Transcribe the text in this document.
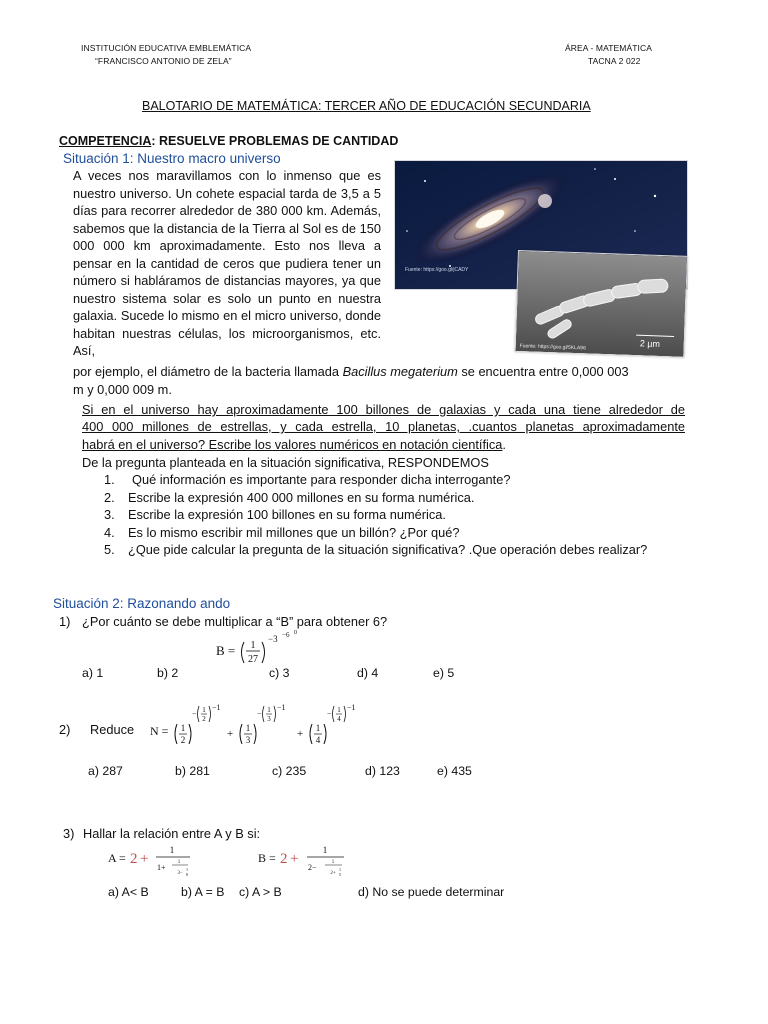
INSTITUCIÓN EDUCATIVA EMBLEMÁTICA
“FRANCISCO ANTONIO DE ZELA”
ÁREA - MATEMÁTICA
TACNA 2 022
BALOTARIO DE MATEMÁTICA: TERCER AÑO DE EDUCACIÓN SECUNDARIA
COMPETENCIA: RESUELVE PROBLEMAS DE CANTIDAD
Situación 1: Nuestro macro universo
A veces nos maravillamos con lo inmenso que es nuestro universo. Un cohete espacial tarda de 3,5 a 5 días para recorrer alrededor de 380 000 km. Además, sabemos que la distancia de la Tierra al Sol es de 150 000 000 km aproximadamente. Esto nos lleva a pensar en la cantidad de ceros que pudiera tener un número si habláramos de distancias mayores, ya que nuestro sistema solar es solo un punto en nuestra galaxia. Sucede lo mismo en el micro universo, donde habitan nuestras células, los microorganismos, etc. Así,
Fuente: https://goo.gl/jCADY
2 µm
Fuente: https://goo.gl/5KLA96
por ejemplo, el diámetro de la bacteria llamada Bacillus megaterium se encuentra entre 0,000 003
m y 0,000 009 m.
Si en el universo hay aproximadamente 100 billones de galaxias y cada una tiene alrededor de
400 000 millones de estrellas, y cada estrella, 10 planetas, .cuantos planetas aproximadamente
habrá en el universo? Escribe los valores numéricos en notación científica.
De la pregunta planteada en la situación significativa, RESPONDEMOS
1. Qué información es importante para responder dicha interrogante?
2. Escribe la expresión 400 000 millones en su forma numérica.
3. Escribe la expresión 100 billones en su forma numérica.
4. Es lo mismo escribir mil millones que un billón? ¿Por qué?
5. ¿Que pide calcular la pregunta de la situación significativa? .Que operación debes realizar?
Situación 2: Razonando ando
1) ¿Por cuánto se debe multiplicar a “B” para obtener 6?
B = 1
27
−3 −6 0
a) 1	b) 2	c) 3	d) 4	e) 5
2) Reduce N = 1
2
− 1
2
−1
+ 1
3
− 1
3
−1
+ 1
4
− 1
4
−1
a) 287	b) 281	c) 235	d) 123	e) 435
3) Hallar la relación entre A y B si:
A = 2 +
1
1+
1
3−
1
8
B = 2 +
1
2−
1
2+
1
5
a) A< B	b) A = B c) A > B	d) No se puede determinar
